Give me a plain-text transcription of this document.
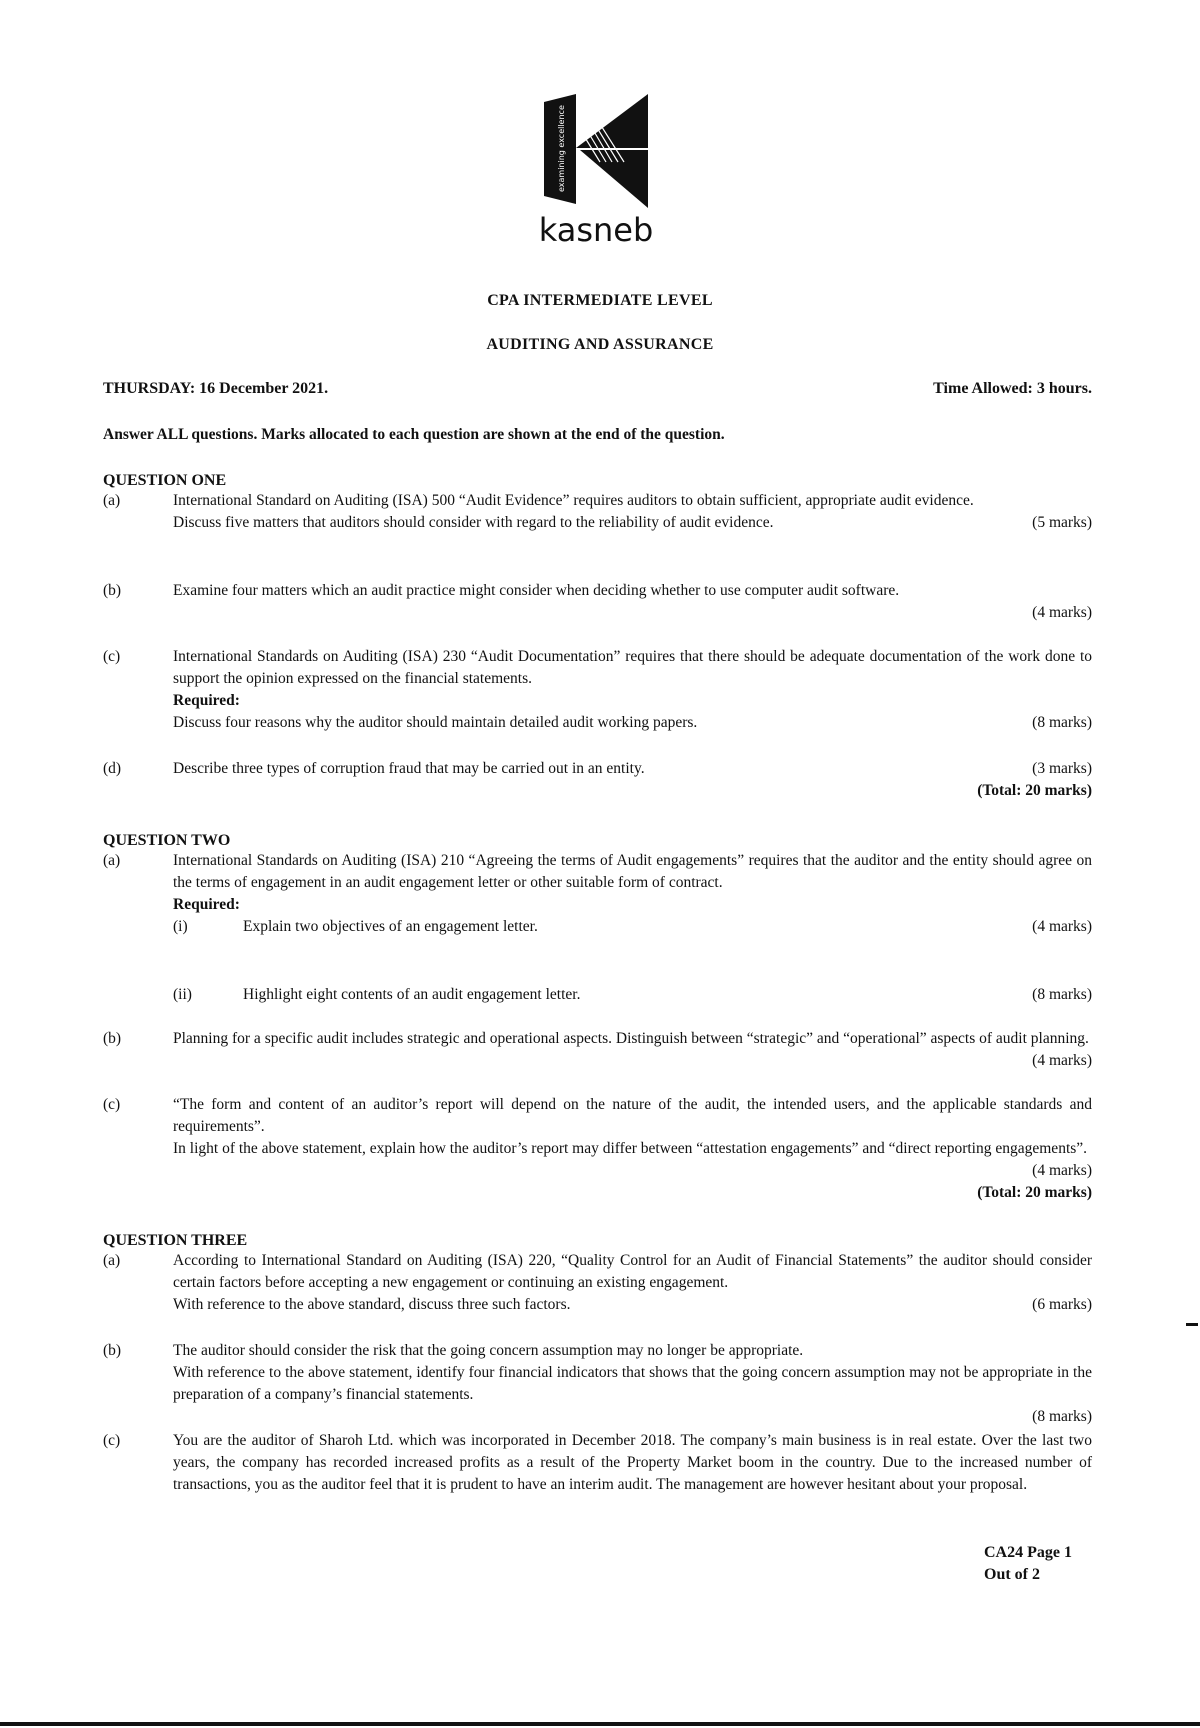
examining excellence
kasneb
CPA INTERMEDIATE LEVEL
AUDITING AND ASSURANCE
THURSDAY: 16 December 2021.	Time Allowed: 3 hours.
Answer ALL questions. Marks allocated to each question are shown at the end of the question.
QUESTION ONE
(a)	International Standard on Auditing (ISA) 500 “Audit Evidence” requires auditors to obtain sufficient, appropriate audit evidence.

Discuss five matters that auditors should consider with regard to the reliability of audit evidence.	(5 marks)
(b)	Examine four matters which an audit practice might consider when deciding whether to use computer audit software.

(4 marks)
(c)	International Standards on Auditing (ISA) 230 “Audit Documentation” requires that there should be adequate documentation of the work done to support the opinion expressed on the financial statements.

Required:
Discuss four reasons why the auditor should maintain detailed audit working papers.	(8 marks)
(d)	Describe three types of corruption fraud that may be carried out in an entity.	(3 marks)
(Total: 20 marks)
QUESTION TWO
(a)	International Standards on Auditing (ISA) 210 “Agreeing the terms of Audit engagements” requires that the auditor and the entity should agree on the terms of engagement in an audit engagement letter or other suitable form of contract.

Required:
(i)	Explain two objectives of an engagement letter.	(4 marks)
(ii)	Highlight eight contents of an audit engagement letter.	(8 marks)
(b)	Planning for a specific audit includes strategic and operational aspects. Distinguish between “strategic” and “operational” aspects of audit planning.

(4 marks)
(c)	“The form and content of an auditor’s report will depend on the nature of the audit, the intended users, and the applicable standards and requirements”.

In light of the above statement, explain how the auditor’s report may differ between “attestation engagements” and “direct reporting engagements”.

(4 marks)
(Total: 20 marks)
QUESTION THREE
(a)	According to International Standard on Auditing (ISA) 220, “Quality Control for an Audit of Financial Statements” the auditor should consider certain factors before accepting a new engagement or continuing an existing engagement.

With reference to the above standard, discuss three such factors.	(6 marks)
(b)	The auditor should consider the risk that the going concern assumption may no longer be appropriate.

With reference to the above statement, identify four financial indicators that shows that the going concern assumption may not be appropriate in the preparation of a company’s financial statements.

(8 marks)
(c)	You are the auditor of Sharoh Ltd. which was incorporated in December 2018. The company’s main business is in real estate. Over the last two years, the company has recorded increased profits as a result of the Property Market boom in the country. Due to the increased number of transactions, you as the auditor feel that it is prudent to have an interim audit. The management are however hesitant about your proposal.

CA24 Page 1
Out of 2
